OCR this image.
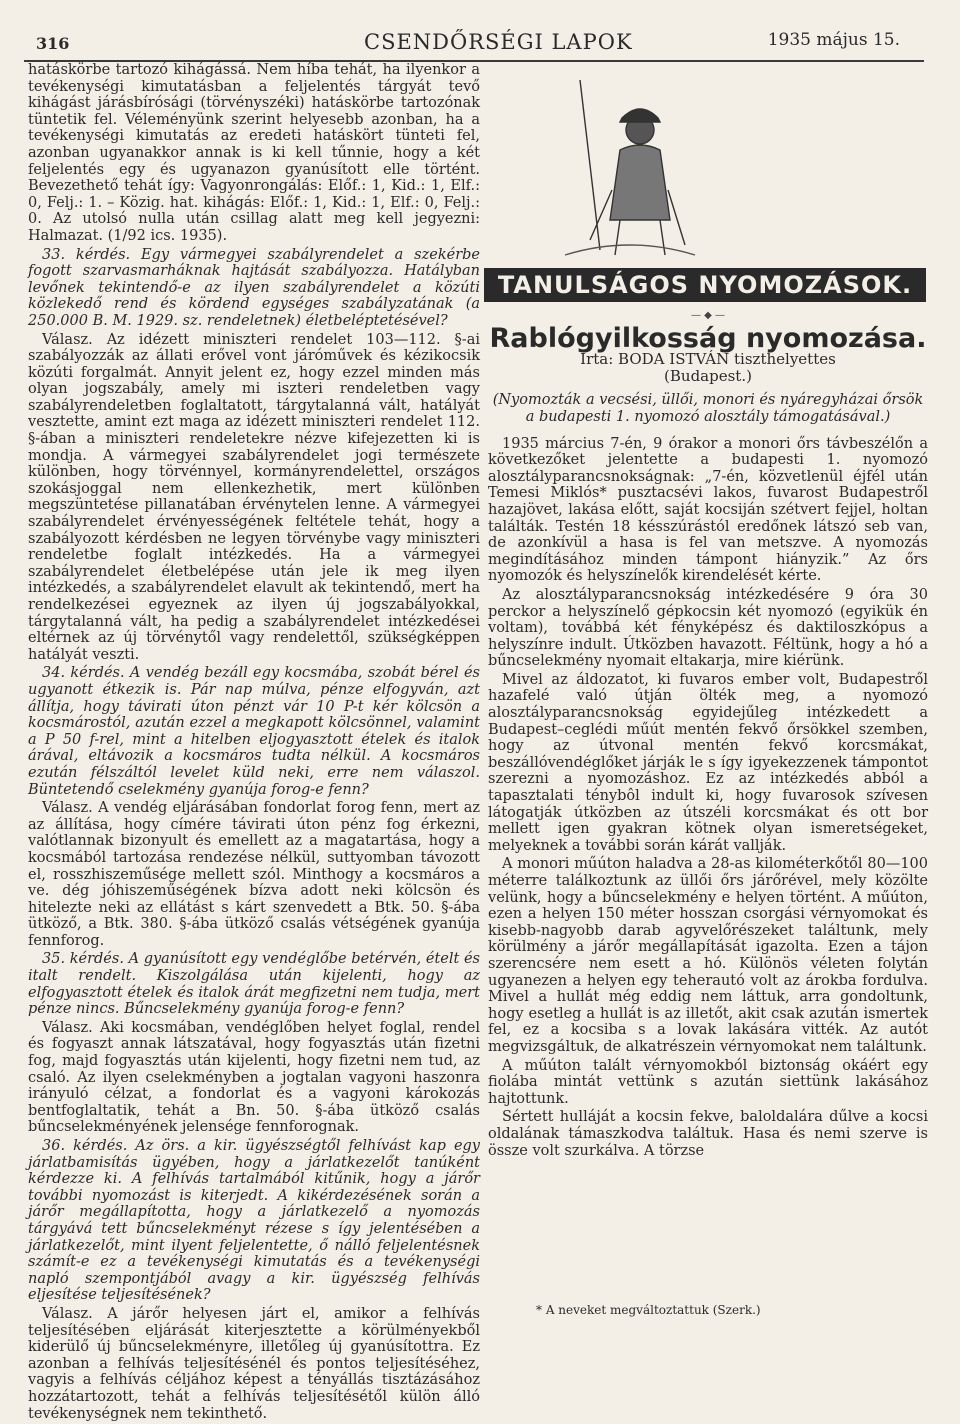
316	CSENDŐRSÉGI LAPOK	1935 május 15.

hatáskörbe tartozó kihágássá. Nem híba tehát, ha ilyenkor a tevékenységi kimutatásban a feljelentés tárgyát tevő kihágást járásbírósági (törvényszéki) hatáskörbe tartozónak tüntetik fel. Véleményünk szerint helyesebb azonban, ha a tevékenységi kimutatás az eredeti hatáskört tünteti fel, azonban ugyanakkor annak is ki kell tűnnie, hogy a két feljelentés egy és ugyanazon gyanúsított elle történt. Bevezethető tehát így: Vagyonrongálás: Előf.: 1, Kid.: 1, Elf.: 0, Felj.: 1. – Közig. hat. kihágás: Előf.: 1, Kid.: 1, Elf.: 0, Felj.: 0. Az utolsó nulla után csillag alatt meg kell jegyezni: Halmazat. (1/92 ics. 1935).

33. kérdés. Egy vármegyei szabályrendelet a szekérbe fogott szarvasmarháknak hajtását szabályozza. Hatályban levőnek tekintendő-e az ilyen szabályrendelet a közúti közlekedő rend és kördend egységes szabályzatának (a 250.000 B. M. 1929. sz. rendeletnek) életbeléptetésével?

Válasz. Az idézett miniszteri rendelet 103—112. §-ai szabályozzák az állati erővel vont járóművek és kézikocsik közúti forgalmát. Annyit jelent ez, hogy ezzel minden más olyan jogszabály, amely mi iszteri rendeletben vagy szabályrendeletben foglaltatott, tárgytalanná vált, hatályát vesztette, amint ezt maga az idézett miniszteri rendelet 112. §-ában a miniszteri rendeletekre nézve kifejezetten ki is mondja. A vármegyei szabályrendelet jogi természete különben, hogy törvénnyel, kormányrendelettel, országos szokásjoggal nem ellenkezhetik, mert különben megszüntetése pillanatában érvénytelen lenne. A vármegyei szabályrendelet érvényességének feltétele tehát, hogy a szabályozott kérdésben ne legyen törvénybe vagy miniszteri rendeletbe foglalt intézkedés. Ha a vármegyei szabályrendelet életbelépése után jele ik meg ilyen intézkedés, a szabályrendelet elavult ak tekintendő, mert ha rendelkezései egyeznek az ilyen új jogszabályokkal, tárgytalanná vált, ha pedig a szabályrendelet intézkedései eltérnek az új törvénytől vagy rendelettől, szükségképpen hatályát veszti.

34. kérdés. A vendég bezáll egy kocsmába, szobát bérel és ugyanott étkezik is. Pár nap múlva, pénze elfogyván, azt állítja, hogy távirati úton pénzt vár 10 P-t kér kölcsön a kocsmárostól, azután ezzel a megkapott kölcsönnel, valamint a P 50 f-rel, mint a hitelben eljogyasztott ételek és italok árával, eltávozik a kocsmáros tudta nélkül. A kocsmáros ezután félszáltól levelet küld neki, erre nem válaszol. Büntetendő cselekmény gyanúja forog-e fenn?

Válasz. A vendég eljárásában fondorlat forog fenn, mert az az állítása, hogy címére távirati úton pénz fog érkezni, valótlannak bizonyult és emellett az a magatartása, hogy a kocsmából tartozása rendezése nélkül, suttyomban távozott el, rosszhiszeműsége mellett szól. Minthogy a kocsmáros a ve. dég jóhiszeműségének bízva adott neki kölcsön és hitelezte neki az ellátást s kárt szenvedett a Btk. 50. §-ába ütköző, a Btk. 380. §-ába ütköző csalás vétségének gyanúja fennforog.

35. kérdés. A gyanúsított egy vendéglőbe betérvén, ételt és italt rendelt. Kiszolgálása után kijelenti, hogy az elfogyasztott ételek és italok árát megfizetni nem tudja, mert pénze nincs. Bűncselekmény gyanúja forog-e fenn?

Válasz. Aki kocsmában, vendéglőben helyet foglal, rendel és fogyaszt annak látszatával, hogy fogyasztás után fizetni fog, majd fogyasztás után kijelenti, hogy fizetni nem tud, az csaló. Az ilyen cselekményben a jogtalan vagyoni haszonra irányuló célzat, a fondorlat és a vagyoni károkozás bentfoglaltatik, tehát a Bn. 50. §-ába ütköző csalás bűncselekményének jelensége fennforognak.

36. kérdés. Az örs. a kir. ügyészségtől felhívást kap egy járlatbamisítás ügyében, hogy a járlatkezelőt tanúként kérdezze ki. A felhívás tartalmából kitűnik, hogy a járőr további nyomozást is kiterjedt. A kikérdezésének során a járőr megállapította, hogy a járlatkezelő a nyomozás tárgyává tett bűncselekményt rézese s így jelentésében a járlatkezelőt, mint ilyent feljelentette, ő nálló feljelentésnek számít-e ez a tevékenységi kimutatás és a tevékenységi napló szempontjából avagy a kir. ügyészség felhívás eljesítése teljesítésének?

Válasz. A járőr helyesen járt el, amikor a felhívás teljesítésében eljárását kiterjesztette a körülményekből kiderülő új bűncselekményre, illetőleg új gyanúsítottra. Ez azonban a felhívás teljesítésénél és pontos teljesítéséhez, vagyis a felhívás céljához képest a tényállás tisztázásához hozzátartozott, tehát a felhívás teljesítésétől külön álló tevékenységnek nem tekinthető.

TANULSÁGOS NYOMOZÁSOK.
— ◆ —
Rablógyilkosság nyomozása.
Írta: BODA ISTVÁN tiszthelyettes
(Budapest.)
(Nyomozták a vecsési, üllői, monori és nyáregyházai őrsök a budapesti 1. nyomozó alosztály támogatásával.)

1935 március 7-én, 9 órakor a monori őrs távbeszélőn a következőket jelentette a budapesti 1. nyomozó alosztályparancsnokságnak: „7-én, közvetlenül éjfél után Temesi Miklós* pusztacsévi lakos, fuvarost Budapestről hazajövet, lakása előtt, saját kocsiján szétvert fejjel, holtan találták. Testén 18 késszúrástól eredőnek látszó seb van, de azonkívül a hasa is fel van metszve. A nyomozás megindításához minden támpont hiányzik.” Az őrs nyomozók és helyszínelők kirendelését kérte.

Az alosztályparancsnokság intézkedésére 9 óra 30 perckor a helyszínelő gépkocsin két nyomozó (egyikük én voltam), továbbá két fényképész és daktiloszkópus a helyszínre indult. Útközben havazott. Féltünk, hogy a hó a bűncselekmény nyomait eltakarja, mire kiérünk.

Mivel az áldozatot, ki fuvaros ember volt, Budapestről hazafelé való útján ölték meg, a nyomozó alosztályparancsnokság egyidejűleg intézkedett a Budapest–ceglédi műút mentén fekvő őrsökkel szemben, hogy az útvonal mentén fekvő korcsmákat, beszállóvendéglőket járják le s így igyekezzenek támpontot szerezni a nyomozáshoz. Ez az intézkedés abból a tapasztalati ténybôl indult ki, hogy fuvarosok szívesen látogatják útközben az útszéli korcsmákat és ott bor mellett igen gyakran kötnek olyan ismeretségeket, melyeknek a további során kárát vallják.

A monori műúton haladva a 28-as kilométerkőtől 80—100 méterre találkoztunk az üllői őrs járőrével, mely közölte velünk, hogy a bűncselekmény e helyen történt. A műúton, ezen a helyen 150 méter hosszan csorgási vérnyomokat és kisebb-nagyobb darab agyvelőrészeket találtunk, mely körülmény a járőr megállapítását igazolta. Ezen a tájon szerencsére nem esett a hó. Különös véleten folytán ugyanezen a helyen egy teherautó volt az árokba fordulva. Mivel a hullát még eddig nem láttuk, arra gondoltunk, hogy esetleg a hullát is az illetőt, akit csak azután ismertek fel, ez a kocsiba s a lovak lakására vitték. Az autót megvizsgáltuk, de alkatrészein vérnyomokat nem találtunk.

A műúton talált vérnyomokból biztonság okáért egy fiolába mintát vettünk s azután siettünk lakásához hajtottunk.

Sértett hulláját a kocsin fekve, baloldalára dűlve a kocsi oldalának támaszkodva találtuk. Hasa és nemi szerve is össze volt szurkálva. A törzse

* A neveket megváltoztattuk (Szerk.)
